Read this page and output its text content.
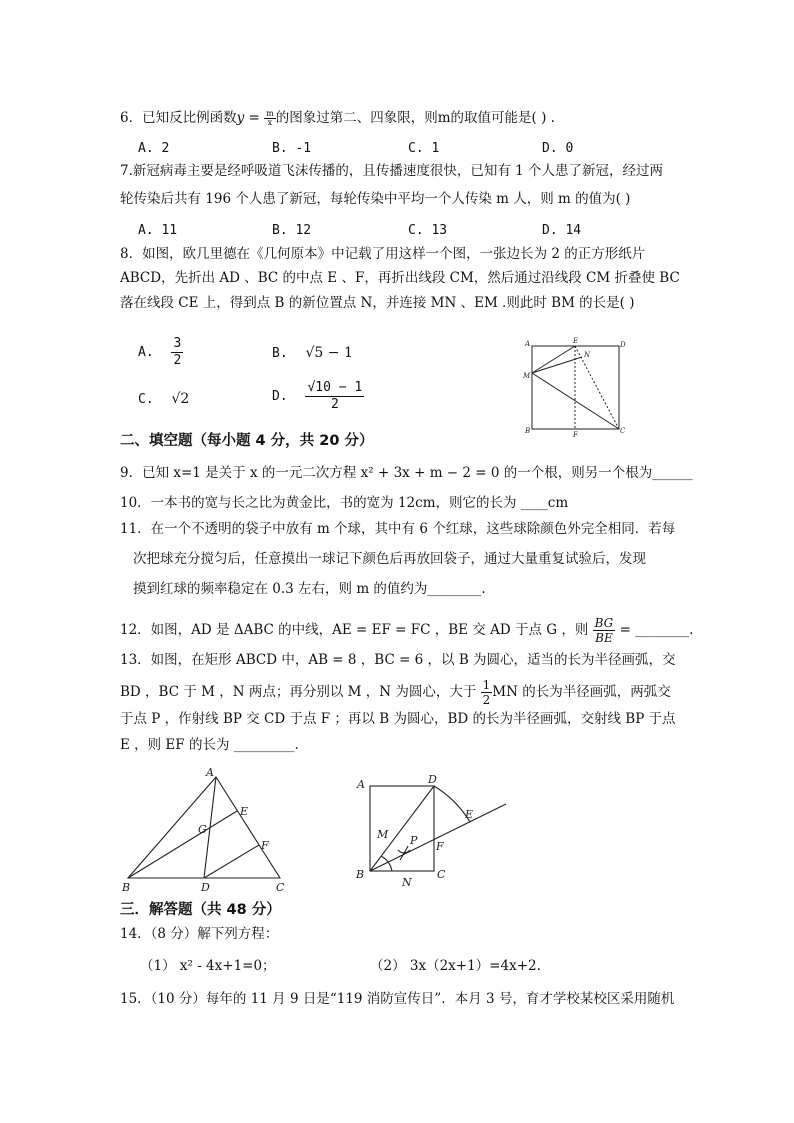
6．已知反比例函数$y = \frac{m}{x}$ 的图象过第二、四象限，则m的取值可能是( ) .
A. 2	B. -1	C. 1	D. 0
7.新冠病毒主要是经呼吸道飞沫传播的，且传播速度很快，已知有 1 个人患了新冠，经过两
轮传染后共有 196 个人患了新冠，每轮传染中平均一个人传染 m 人，则 m 的值为( )
A. 11	B. 12	C. 13	D. 14
8．如图，欧几里德在《几何原本》中记载了用这样一个图，一张边长为 2 的正方形纸片
ABCD，先折出 AD 、BC 的中点 E 、F，再折出线段 CM，然后通过沿线段 CM 折叠使 BC
落在线段 CE 上，得到点 B 的新位置点 N，并连接 MN 、EM .则此时 BM 的长是( )
A. $\frac{3}{2}$	B. √5 − 1
C. √2	D. $\frac{√10 - 1}{2}$
A	E	D
N
M
B	F	C
二、填空题（每小题 4 分，共 20 分）
9．已知 x=1 是关于 x 的一元二次方程 x² + 3x + m − 2 = 0 的一个根，则另一个根为______
10．一本书的宽与长之比为黄金比，书的宽为 12cm，则它的长为 ____cm
11．在一个不透明的袋子中放有 m 个球，其中有 6 个红球，这些球除颜色外完全相同．若每
次把球充分搅匀后，任意摸出一球记下颜色后再放回袋子，通过大量重复试验后，发现
摸到红球的频率稳定在 0.3 左右，则 m 的值约为________.
12．如图，AD 是 ΔABC 的中线，AE = EF = FC ，BE 交 AD 于点 G ，则 $\frac{BG}{BE}$ = ________.
13．如图，在矩形 ABCD 中，AB = 8 ，BC = 6 ，以 B 为圆心，适当的长为半径画弧，交
BD ，BC 于 M ，N 两点；再分别以 M ，N 为圆心，大于 $\frac{1}{2}$ MN 的长为半径画弧，两弧交
于点 P ，作射线 BP 交 CD 于点 F ；再以 B 为圆心，BD 的长为半径画弧，交射线 BP 于点
E ，则 EF 的长为 _________.
A
G
E
F
B	D	C
A	D
E
M P F
B
N
C
三．解答题（共 48 分）
14．（8 分）解下列方程：
（1） x² - 4x+1=0；	（2） 3x（2x+1）=4x+2.
15．（10 分）每年的 11 月 9 日是“119 消防宣传日”．本月 3 号，育才学校某校区采用随机
